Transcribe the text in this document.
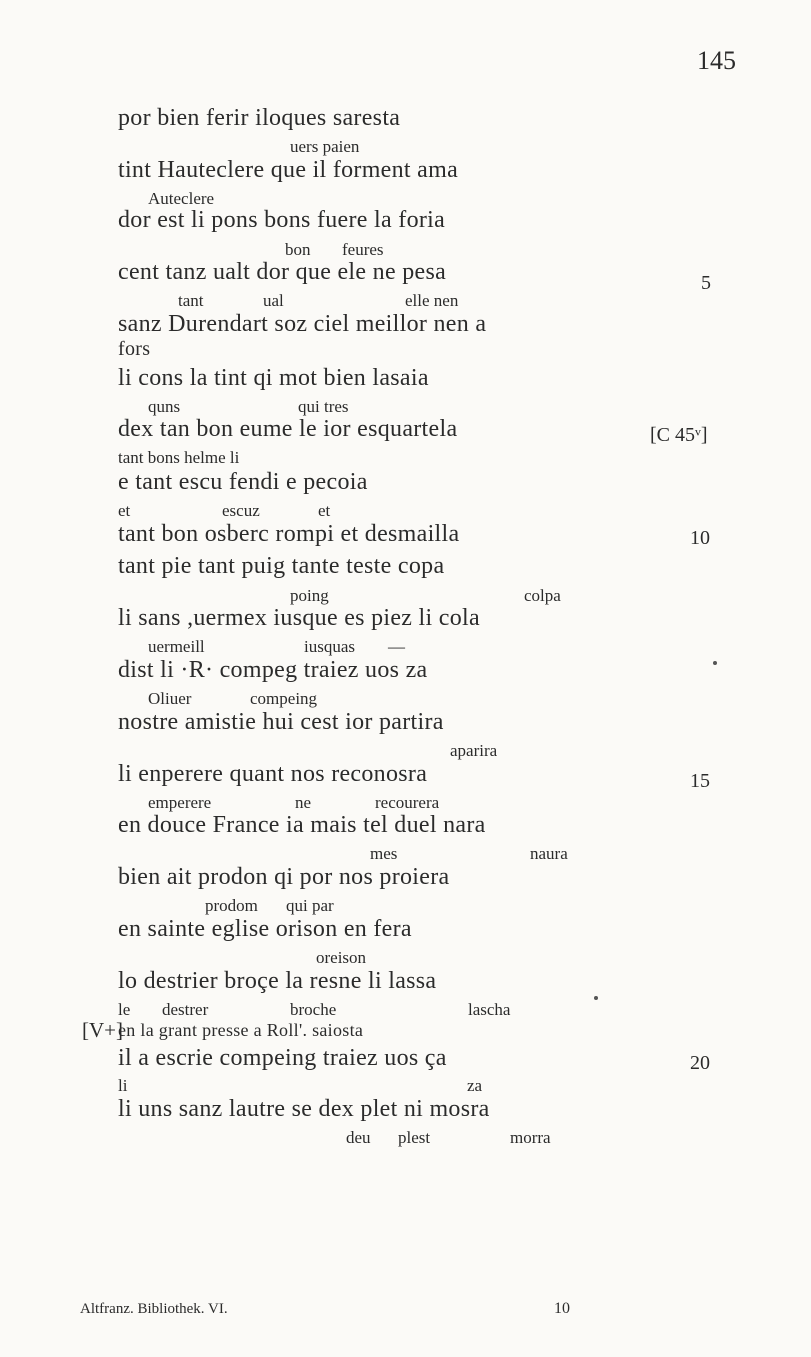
145
por bien ferir iloques saresta
uers paien
tint Hauteclere que il forment ama
Auteclere
dor est li pons bons fuere la foria
bon feures
cent tanz ualt dor que ele ne pesa
tant	ual	elle nen
sanz Durendart soz ciel meillor nen a
fors
li cons la tint qi mot bien lasaia
quns	qui tres
dex tan bon eume le ior esquartela
tant bons helme li
e tant escu fendi e pecoia
et	escuz	et
tant bon osberc rompi et desmailla
tant pie tant puig tante teste copa
poing	colpa
li sans ,uermex iusque es piez li cola
uermeill	iusquas —
dist li ·R· compeg traiez uos za
Oliuer	compeing
nostre amistie hui cest ior partira
aparira
li enperere quant nos reconosra
emperere	ne	recourera
en douce France ia mais tel duel nara
mes	naura
bien ait prodon qi por nos proiera
prodom qui par
en sainte eglise orison en fera
oreison
lo destrier broçe la resne li lassa
le destrer	broche	lascha
en la grant presse a Roll'. saiosta
il a escrie compeing traiez uos ça
li	za
li uns sanz lautre se dex plet ni mosra
deu plest	morra
5
[C 45ᵛ]
10
15
20
[V+]
Altfranz. Bibliothek. VI.	10
